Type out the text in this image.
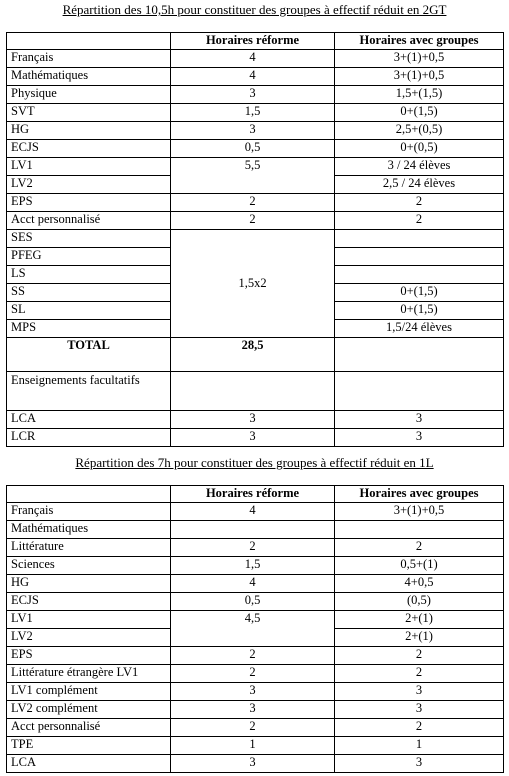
Répartition des 10,5h pour constituer des groupes à effectif réduit en 2GT
	Horaires réforme	Horaires avec groupes
Français	4	3+(1)+0,5
Mathématiques	4	3+(1)+0,5
Physique	3	1,5+(1,5)
SVT	1,5	0+(1,5)
HG	3	2,5+(0,5)
ECJS	0,5	0+(0,5)
LV1	5,5	3 / 24 élèves
LV2		2,5 / 24 élèves
EPS	2	2
Acct personnalisé	2	2
SES	1,5x2	
PFEG		
LS		
SS		0+(1,5)
SL		0+(1,5)
MPS		1,5/24 élèves
TOTAL	28,5	
Enseignements facultatifs		
LCA	3	3
LCR	3	3
Répartition des 7h pour constituer des groupes à effectif réduit en 1L
	Horaires réforme	Horaires avec groupes
Français	4	3+(1)+0,5
Mathématiques		
Littérature	2	2
Sciences	1,5	0,5+(1)
HG	4	4+0,5
ECJS	0,5	(0,5)
LV1	4,5	2+(1)
LV2		2+(1)
EPS	2	2
Littérature étrangère LV1	2	2
LV1 complément	3	3
LV2 complément	3	3
Acct personnalisé	2	2
TPE	1	1
LCA	3	3
